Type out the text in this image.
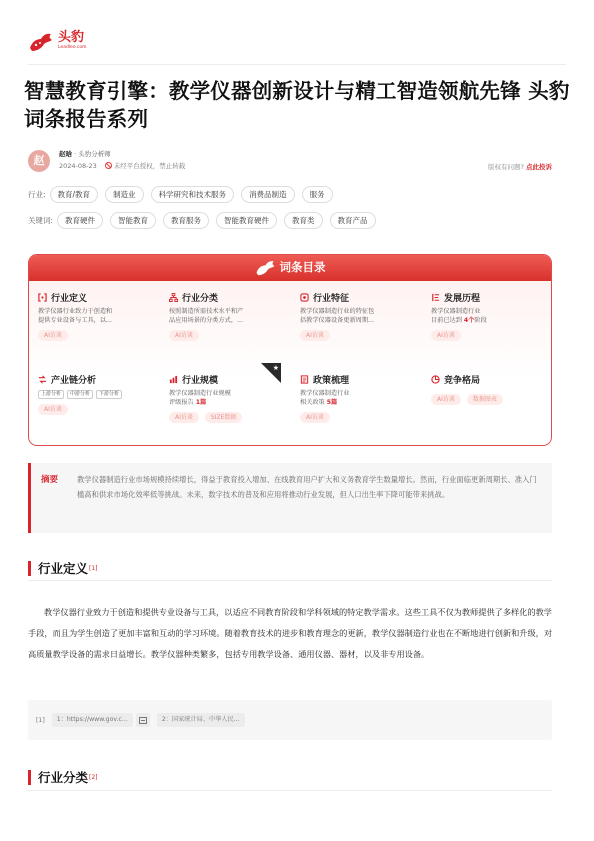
头豹
Leadleo.com
智慧教育引擎：教学仪器创新设计与精工智造领航先锋 头豹词条报告系列
赵	赵晗 · 头豹分析师
2024-08-23	未经平台授权，禁止转载	版权有问题? 点此投诉
行业:	教育/教育	制造业	科学研究和技术服务	消费品制造	服务
关键词:	教育硬件	智能教育	教育服务	智能教育硬件	教育类	教育产品
词条目录
行业定义
教学仪器行业致力于创造和
提供专业设备与工具，以...
AI访谈
行业分类
按照制造所需技术水平和产
品应用场景的分类方式，...
AI访谈
行业特征
教学仪器制造行业的特征包
括教学仪器设备更新周期...
AI访谈
发展历程
教学仪器制造行业
目前已达到 4个阶段
AI访谈
产业链分析
上游分析	中游分析	下游分析
AI访谈
★
行业规模
教学仪器制造行业规模
评级报告 1篇
AI访谈	SIZE数据
政策梳理
教学仪器制造行业
相关政策 5篇
AI访谈
竞争格局
AI访谈	数据图表
摘要	教学仪器制造行业市场规模持续增长，得益于教育投入增加、在线教育用户扩大和义务教育学生数量增长。然而，行业面临更新周期长、准入门槛高和供求市场化效率低等挑战。未来，数字技术的普及和应用将推动行业发展，但人口出生率下降可能带来挑战。
行业定义 [1]
教学仪器行业致力于创造和提供专业设备与工具，以适应不同教育阶段和学科领域的特定教学需求。这些工具不仅为教师提供了多样化的教学手段，而且为学生创造了更加丰富和互动的学习环境。随着教育技术的进步和教育理念的更新，教学仪器制造行业也在不断地进行创新和升级，对高质量教学设备的需求日益增长。教学仪器种类繁多，包括专用教学设备、通用仪器、器材，以及非专用设备。
[1]	1：https://www.gov.c...	2：国家统计局、中华人民...
行业分类 [2]
